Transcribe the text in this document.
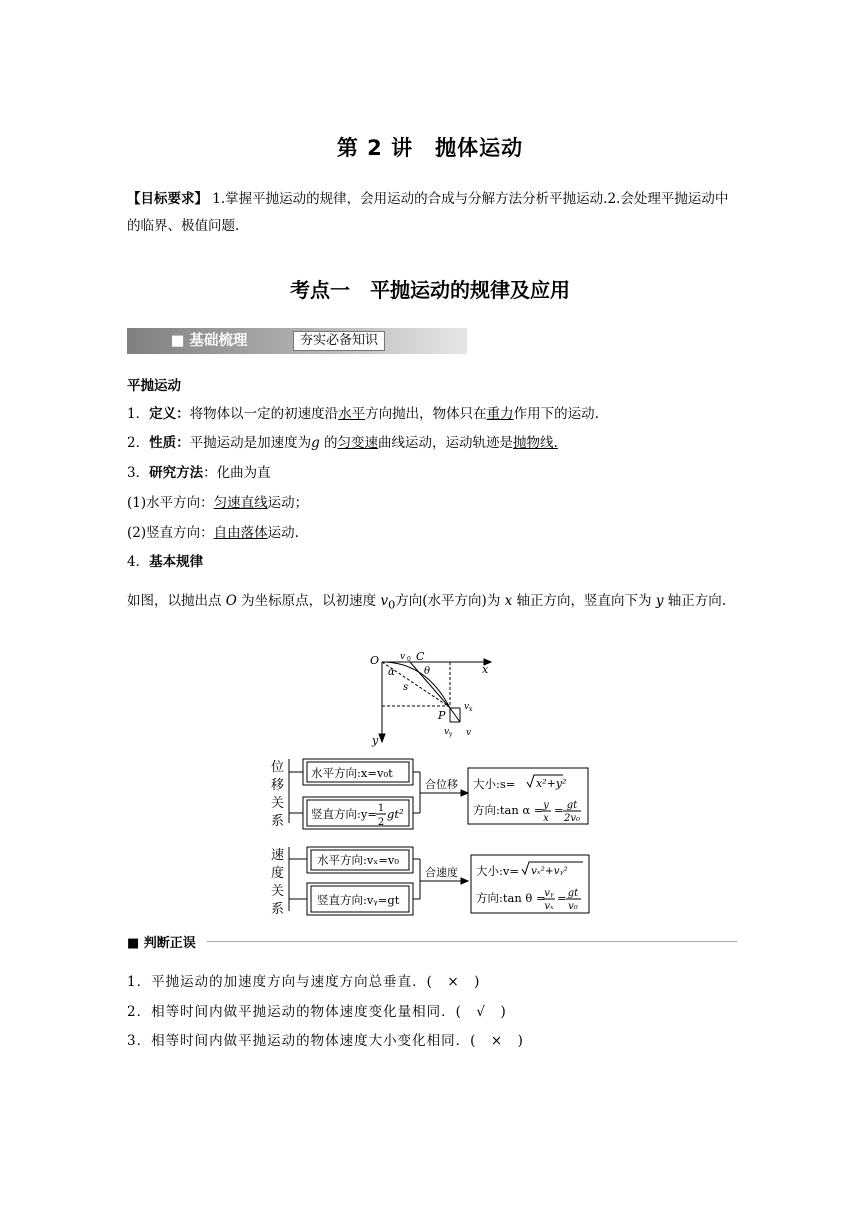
第 2 讲　抛体运动
【目标要求】 1.掌握平抛运动的规律，会用运动的合成与分解方法分析平抛运动.2.会处理平抛运动中的临界、极值问题.
考点一　平抛运动的规律及应用
■ 基础梳理	夯实必备知识
平抛运动
1．定义：将物体以一定的初速度沿水平方向抛出，物体只在重力作用下的运动.
2．性质：平抛运动是加速度为g 的匀变速曲线运动，运动轨迹是抛物线.
3．研究方法：化曲为直
(1)水平方向：匀速直线运动；
(2)竖直方向：自由落体运动.
4．基本规律
如图，以抛出点 O 为坐标原点，以初速度 $v_0$方向(水平方向)为 x 轴正方向，竖直向下为 y 轴正方向.
O v 0 C
x
α	θ
s
P
v x
v y v
y
位
移
关
系
水平方向:x=v₀t
竖直方向:y= 1
2
gt²
合位移 大小:s= x²+y²
方向:tan α = y
x
= gt
2v₀
速
度
关
系
水平方向:vₓ=v₀
竖直方向:vᵧ=gt
合速度 大小:v= vₓ²+vᵧ²
方向:tan θ =
vᵧ
vₓ
= gt
v₀
■ 判断正误
1．平抛运动的加速度方向与速度方向总垂直．(　×　)
2．相等时间内做平抛运动的物体速度变化量相同．(　√　)
3．相等时间内做平抛运动的物体速度大小变化相同．(　×　)
